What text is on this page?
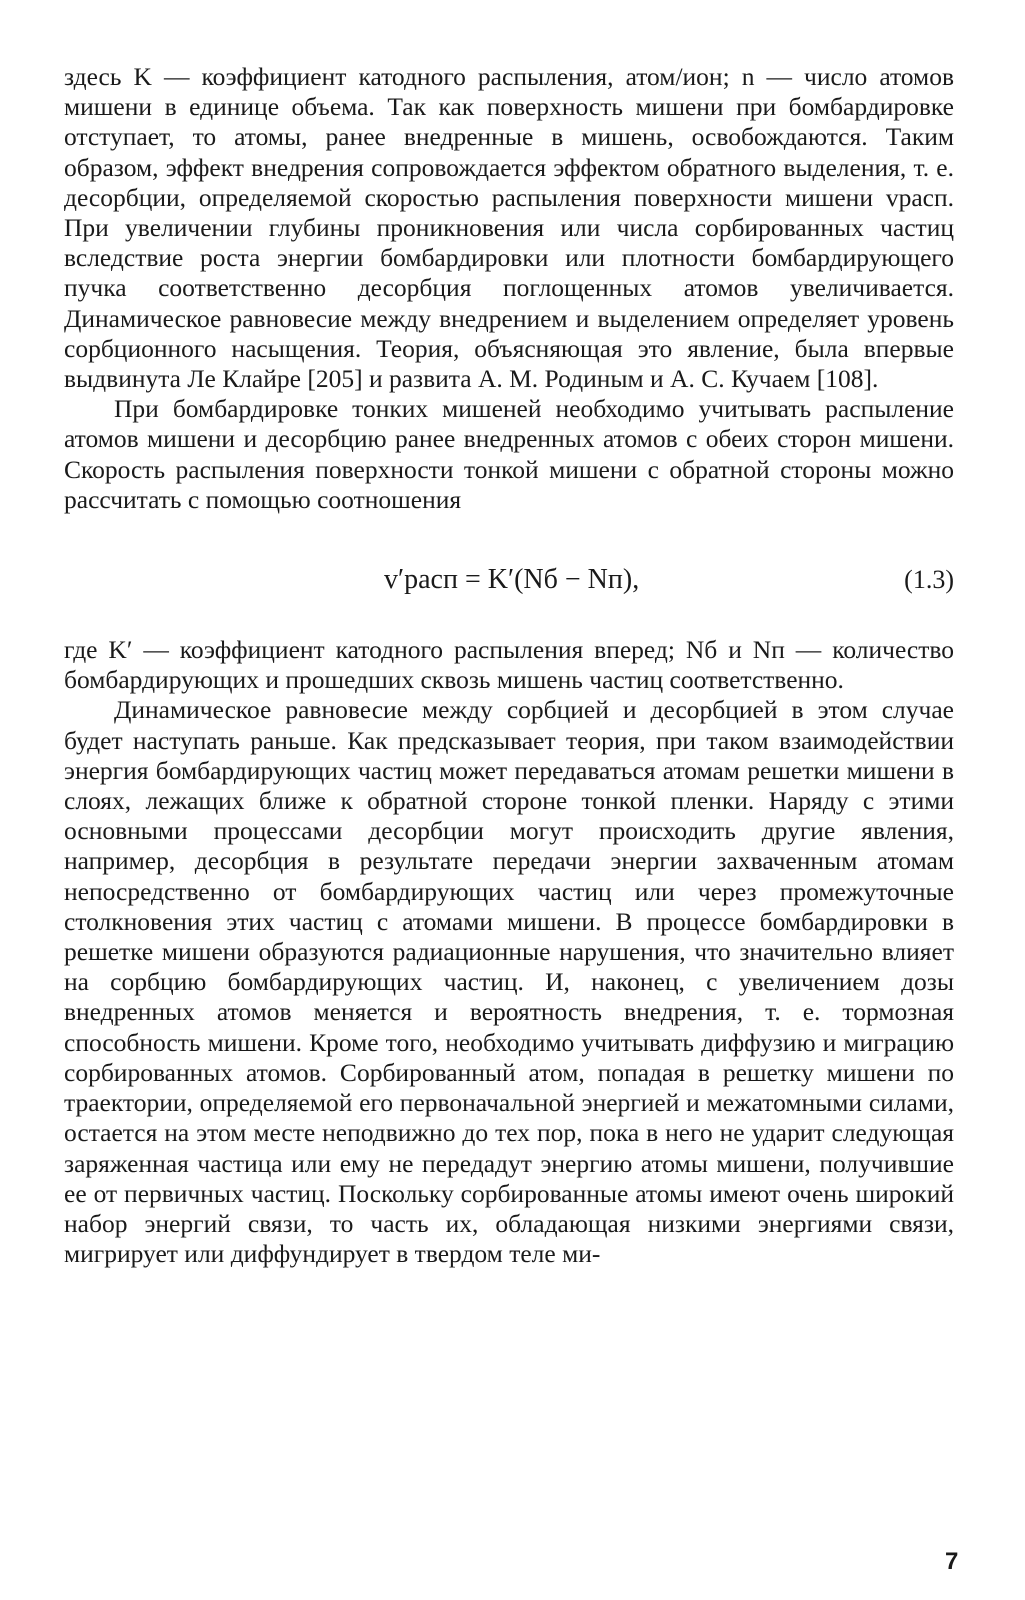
здесь K — коэффициент катодного распыления, атом/ион; n — число атомов мишени в единице объема. Так как поверхность мишени при бомбардировке отступает, то атомы, ранее внедренные в мишень, освобождаются. Таким образом, эффект внедрения сопровождается эффектом обратного выделения, т. е. десорбции, определяемой скоростью распыления поверхности мишени vрасп. При увеличении глубины проникновения или числа сорбированных частиц вследствие роста энергии бомбардировки или плотности бомбардирующего пучка соответственно десорбция поглощенных атомов увеличивается. Динамическое равновесие между внедрением и выделением определяет уровень сорбционного насыщения. Теория, объясняющая это явление, была впервые выдвинута Ле Клайре [205] и развита А. М. Родиным и А. С. Кучаем [108].

При бомбардировке тонких мишеней необходимо учитывать распыление атомов мишени и десорбцию ранее внедренных атомов с обеих сторон мишени. Скорость распыления поверхности тонкой мишени с обратной стороны можно рассчитать с помощью соотношения

v′расп = K′(Nб − Nп),	(1.3)

где K′ — коэффициент катодного распыления вперед; Nб и Nп — количество бомбардирующих и прошедших сквозь мишень частиц соответственно.

Динамическое равновесие между сорбцией и десорбцией в этом случае будет наступать раньше. Как предсказывает теория, при таком взаимодействии энергия бомбардирующих частиц может передаваться атомам решетки мишени в слоях, лежащих ближе к обратной стороне тонкой пленки. Наряду с этими основными процессами десорбции могут происходить другие явления, например, десорбция в результате передачи энергии захваченным атомам непосредственно от бомбардирующих частиц или через промежуточные столкновения этих частиц с атомами мишени. В процессе бомбардировки в решетке мишени образуются радиационные нарушения, что значительно влияет на сорбцию бомбардирующих частиц. И, наконец, с увеличением дозы внедренных атомов меняется и вероятность внедрения, т. е. тормозная способность мишени. Кроме того, необходимо учитывать диффузию и миграцию сорбированных атомов. Сорбированный атом, попадая в решетку мишени по траектории, определяемой его первоначальной энергией и межатомными силами, остается на этом месте неподвижно до тех пор, пока в него не ударит следующая заряженная частица или ему не передадут энергию атомы мишени, получившие ее от первичных частиц. Поскольку сорбированные атомы имеют очень широкий набор энергий связи, то часть их, обладающая низкими энергиями связи, мигрирует или диффундирует в твердом теле ми-

7
